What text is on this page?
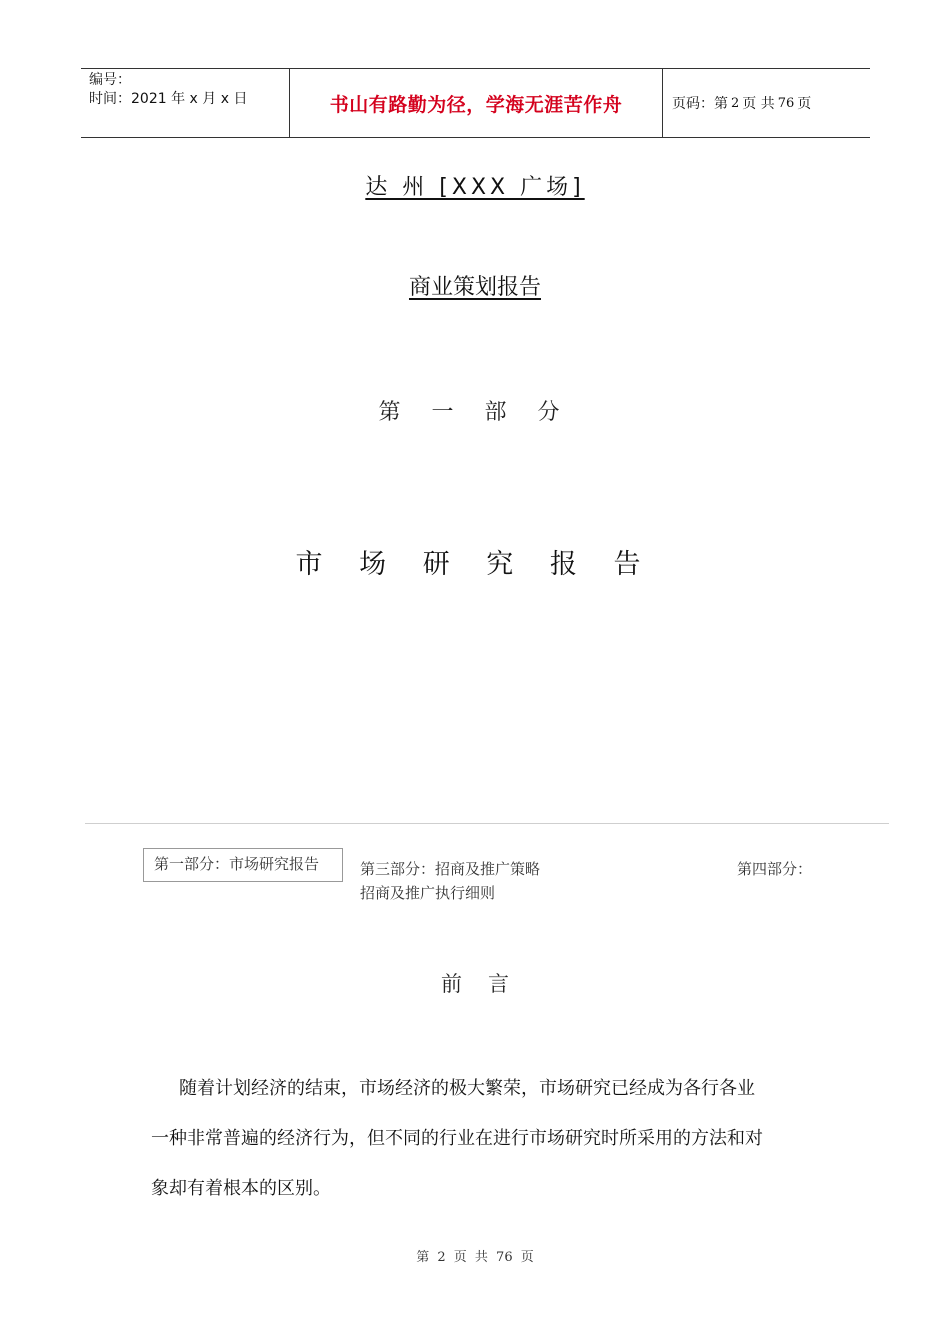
编号：
时间：2021 年 x 月 x 日	书山有路勤为径，学海无涯苦作舟	页码：第 2 页 共 76 页
达 州 [XXX 广场]
商业策划报告
第 一 部 分
市 场 研 究 报 告
第一部分：市场研究报告	第三部分：招商及推广策略
招商及推广执行细则
第四部分：
前言
随着计划经济的结束，市场经济的极大繁荣，市场研究已经成为各行各业
一种非常普遍的经济行为，但不同的行业在进行市场研究时所采用的方法和对
象却有着根本的区别。
第 2 页 共 76 页
